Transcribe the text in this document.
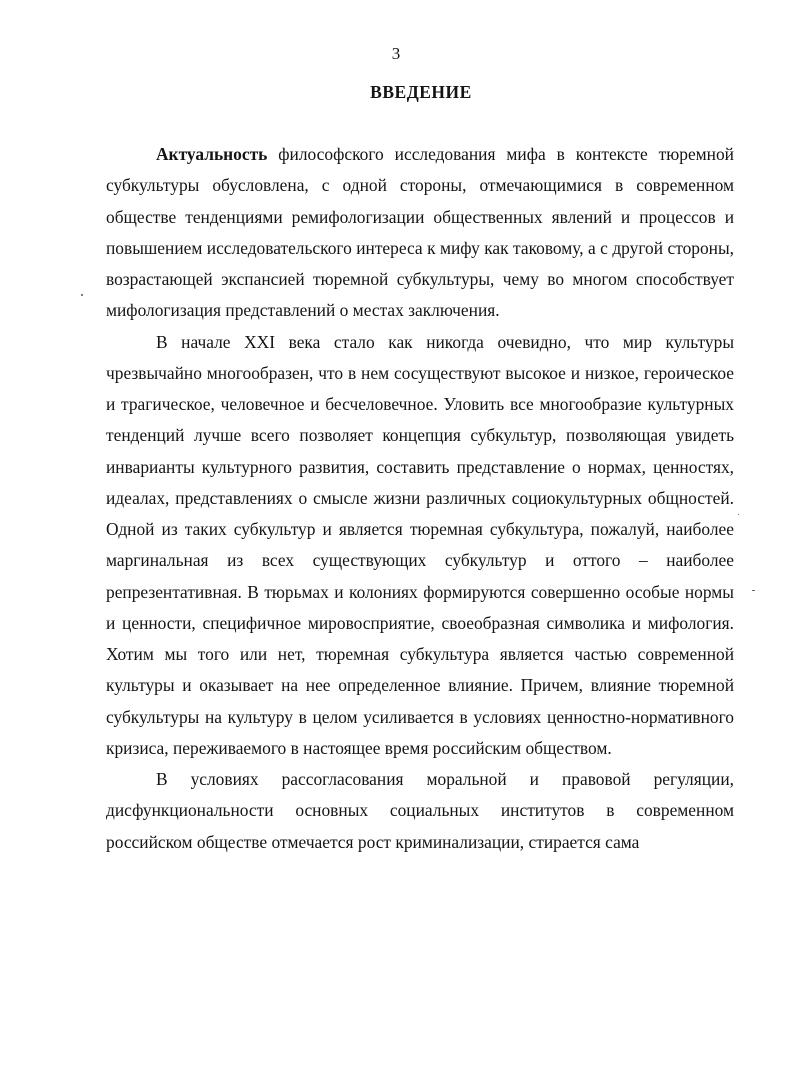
3
ВВЕДЕНИЕ

Актуальность философского исследования мифа в контексте тюремной субкультуры обусловлена, с одной стороны, отмечающимися в современном обществе тенденциями ремифологизации общественных явлений и процессов и повышением исследовательского интереса к мифу как таковому, а с другой стороны, возрастающей экспансией тюремной субкультуры, чему во многом способствует мифологизация представлений о местах заключения.

В начале XXI века стало как никогда очевидно, что мир культуры чрезвычайно многообразен, что в нем сосуществуют высокое и низкое, героическое и трагическое, человечное и бесчеловечное. Уловить все многообразие культурных тенденций лучше всего позволяет концепция субкультур, позволяющая увидеть инварианты культурного развития, составить представление о нормах, ценностях, идеалах, представлениях о смысле жизни различных социокультурных общностей. Одной из таких субкультур и является тюремная субкультура, пожалуй, наиболее маргинальная из всех существующих субкультур и оттого – наиболее репрезентативная. В тюрьмах и колониях формируются совершенно особые нормы и ценности, специфичное мировосприятие, своеобразная символика и мифология. Хотим мы того или нет, тюремная субкультура является частью современной культуры и оказывает на нее определенное влияние. Причем, влияние тюремной субкультуры на культуру в целом усиливается в условиях ценностно-нормативного кризиса, переживаемого в настоящее время российским обществом.

В условиях рассогласования моральной и правовой регуляции, дисфункциональности основных социальных институтов в современном российском обществе отмечается рост криминализации, стирается сама
